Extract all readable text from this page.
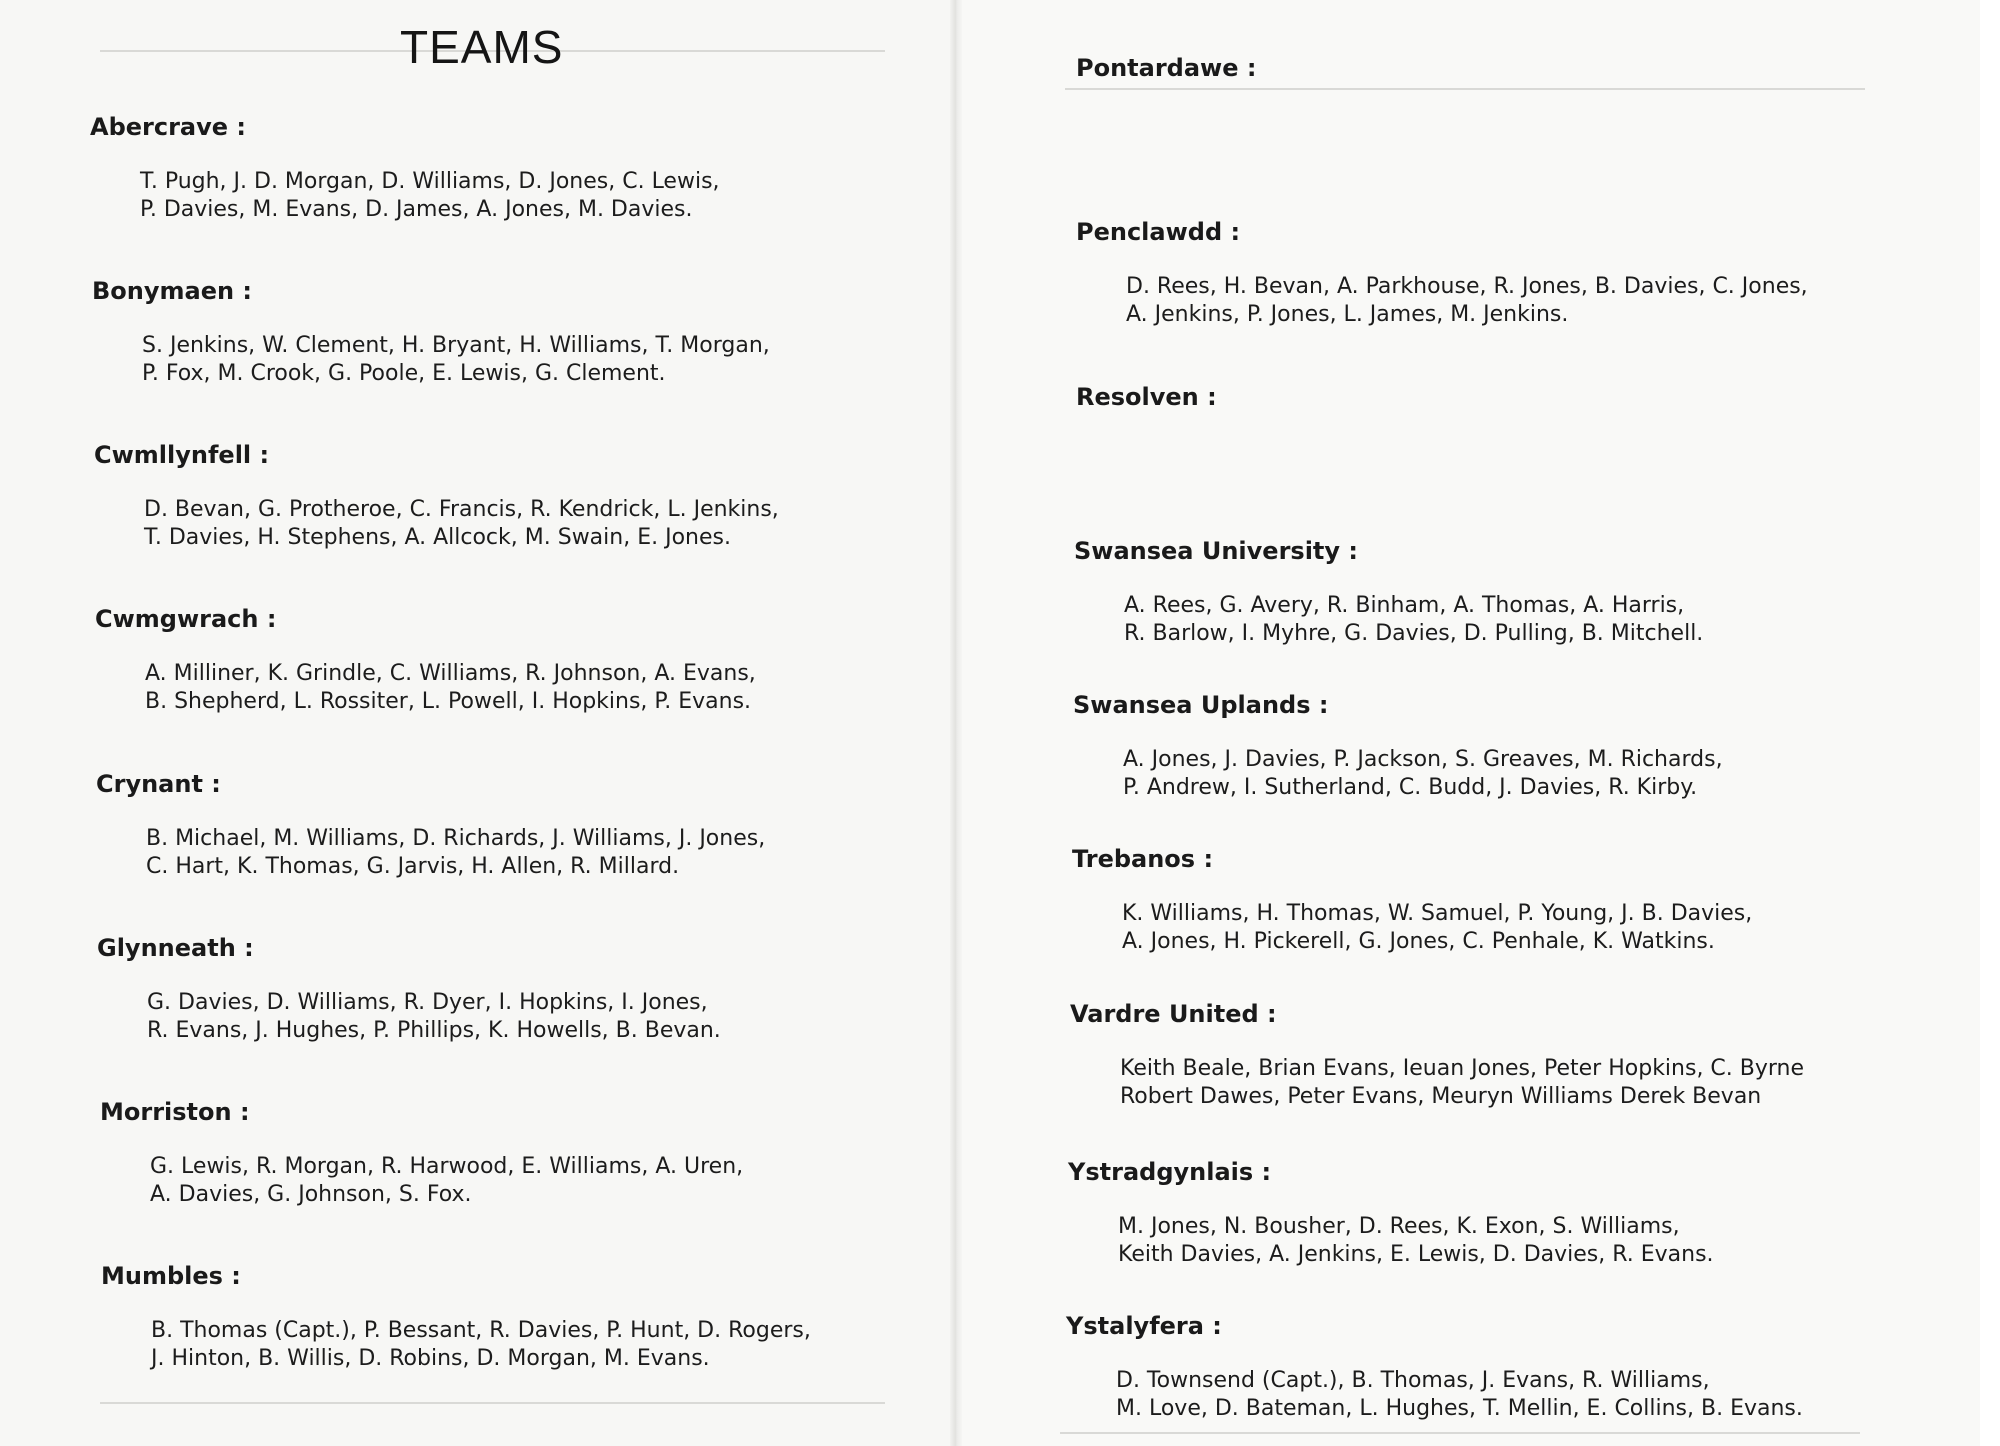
TEAMS
Abercrave :
T. Pugh, J. D. Morgan, D. Williams, D. Jones, C. Lewis,
P. Davies, M. Evans, D. James, A. Jones, M. Davies.
Bonymaen :
S. Jenkins, W. Clement, H. Bryant, H. Williams, T. Morgan,
P. Fox, M. Crook, G. Poole, E. Lewis, G. Clement.
Cwmllynfell :
D. Bevan, G. Protheroe, C. Francis, R. Kendrick, L. Jenkins,
T. Davies, H. Stephens, A. Allcock, M. Swain, E. Jones.
Cwmgwrach :
A. Milliner, K. Grindle, C. Williams, R. Johnson, A. Evans,
B. Shepherd, L. Rossiter, L. Powell, I. Hopkins, P. Evans.
Crynant :
B. Michael, M. Williams, D. Richards, J. Williams, J. Jones,
C. Hart, K. Thomas, G. Jarvis, H. Allen, R. Millard.
Glynneath :
G. Davies, D. Williams, R. Dyer, I. Hopkins, I. Jones,
R. Evans, J. Hughes, P. Phillips, K. Howells, B. Bevan.
Morriston :
G. Lewis, R. Morgan, R. Harwood, E. Williams, A. Uren,
A. Davies, G. Johnson, S. Fox.
Mumbles :
B. Thomas (Capt.), P. Bessant, R. Davies, P. Hunt, D. Rogers,
J. Hinton, B. Willis, D. Robins, D. Morgan, M. Evans.
Pontardawe :
Penclawdd :
D. Rees, H. Bevan, A. Parkhouse, R. Jones, B. Davies, C. Jones,
A. Jenkins, P. Jones, L. James, M. Jenkins.
Resolven :
Swansea University :
A. Rees, G. Avery, R. Binham, A. Thomas, A. Harris,
R. Barlow, I. Myhre, G. Davies, D. Pulling, B. Mitchell.
Swansea Uplands :
A. Jones, J. Davies, P. Jackson, S. Greaves, M. Richards,
P. Andrew, I. Sutherland, C. Budd, J. Davies, R. Kirby.
Trebanos :
K. Williams, H. Thomas, W. Samuel, P. Young, J. B. Davies,
A. Jones, H. Pickerell, G. Jones, C. Penhale, K. Watkins.
Vardre United :
Keith Beale, Brian Evans, Ieuan Jones, Peter Hopkins, C. Byrne
Robert Dawes, Peter Evans, Meuryn Williams Derek Bevan
Ystradgynlais :
M. Jones, N. Bousher, D. Rees, K. Exon, S. Williams,
Keith Davies, A. Jenkins, E. Lewis, D. Davies, R. Evans.
Ystalyfera :
D. Townsend (Capt.), B. Thomas, J. Evans, R. Williams,
M. Love, D. Bateman, L. Hughes, T. Mellin, E. Collins, B. Evans.
